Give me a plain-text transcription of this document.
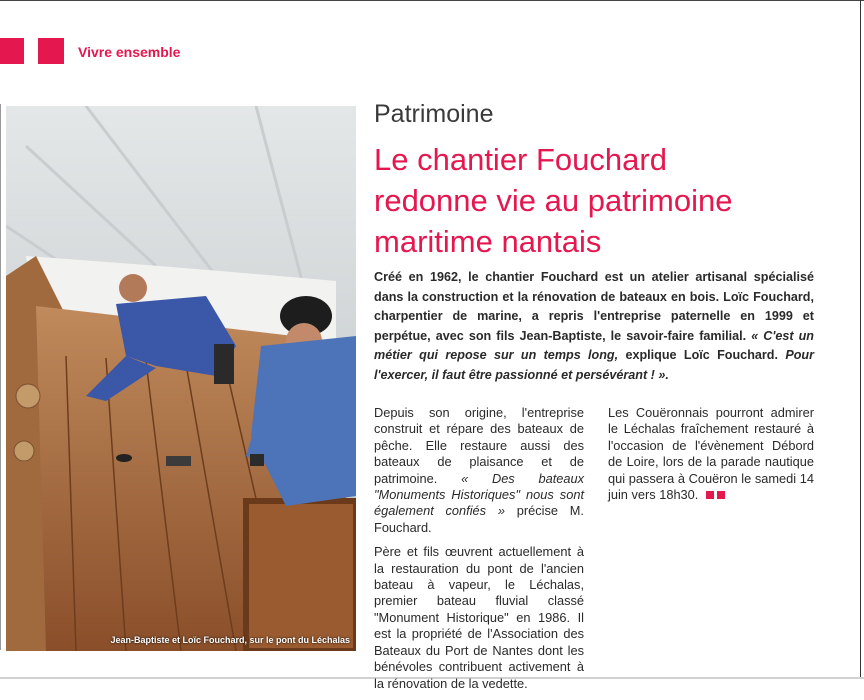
Vivre ensemble
Jean-Baptiste et Loïc Fouchard, sur le pont du Léchalas
Patrimoine
Le chantier Fouchard
redonne vie au patrimoine
maritime nantais
Créé en 1962, le chantier Fouchard est un atelier artisanal spécialisé dans la construction et la rénovation de bateaux en bois. Loïc Fouchard, charpentier de marine, a repris l'entreprise paternelle en 1999 et perpétue, avec son fils Jean-Baptiste, le savoir-faire familial. « C'est un métier qui repose sur un temps long, explique Loïc Fouchard. Pour l'exercer, il faut être passionné et persévérant ! ».

Depuis son origine, l'entreprise construit et répare des bateaux de pêche. Elle restaure aussi des bateaux de plaisance et de patrimoine. « Des bateaux "Monuments Historiques" nous sont également confiés » précise M. Fouchard.

Père et fils œuvrent actuellement à la restauration du pont de l'ancien bateau à vapeur, le Léchalas, premier bateau fluvial classé "Monument Historique" en 1986. Il est la propriété de l'Association des Bateaux du Port de Nantes dont les bénévoles contribuent activement à la rénovation de la vedette.

Les Couëronnais pourront admirer le Léchalas fraîchement restauré à l'occasion de l'évènement Débord de Loire, lors de la parade nautique qui passera à Couëron le samedi 14 juin vers 18h30.
